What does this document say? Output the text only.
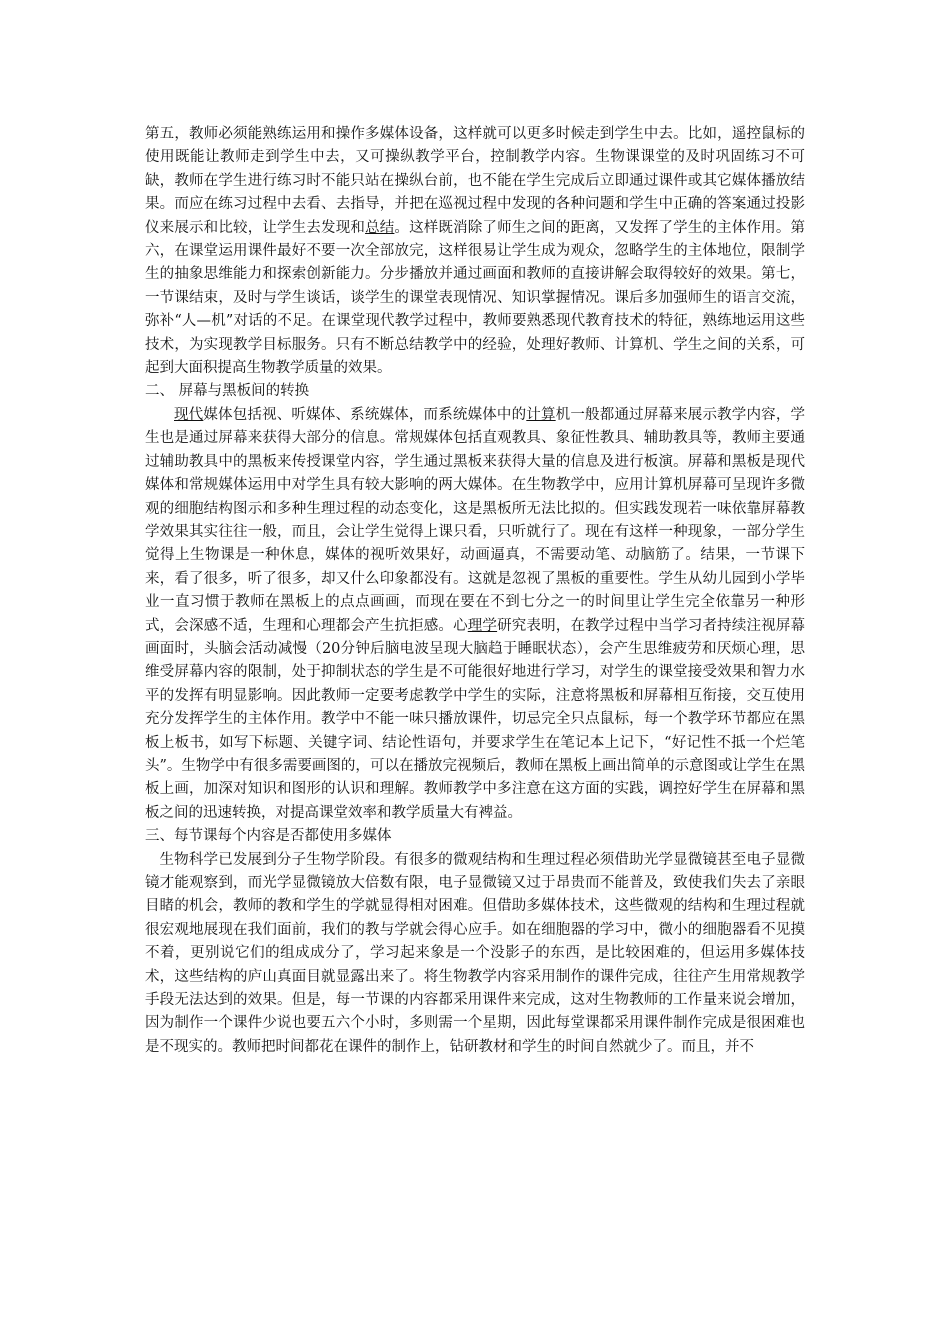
第五，教师必须能熟练运用和操作多媒体设备，这样就可以更多时候走到学生中去。比如，遥控鼠标的使用既能让教师走到学生中去，又可操纵教学平台，控制教学内容。生物课课堂的及时巩固练习不可缺，教师在学生进行练习时不能只站在操纵台前，也不能在学生完成后立即通过课件或其它媒体播放结果。而应在练习过程中去看、去指导，并把在巡视过程中发现的各种问题和学生中正确的答案通过投影仪来展示和比较，让学生去发现和总结。这样既消除了师生之间的距离，又发挥了学生的主体作用。第六，在课堂运用课件最好不要一次全部放完，这样很易让学生成为观众，忽略学生的主体地位，限制学生的抽象思维能力和探索创新能力。分步播放并通过画面和教师的直接讲解会取得较好的效果。第七，一节课结束，及时与学生谈话，谈学生的课堂表现情况、知识掌握情况。课后多加强师生的语言交流，弥补“人—机”对话的不足。在课堂现代教学过程中，教师要熟悉现代教育技术的特征，熟练地运用这些技术，为实现教学目标服务。只有不断总结教学中的经验，处理好教师、计算机、学生之间的关系，可起到大面积提高生物教学质量的效果。

二、 屏幕与黑板间的转换

现代媒体包括视、听媒体、系统媒体，而系统媒体中的计算机一般都通过屏幕来展示教学内容，学生也是通过屏幕来获得大部分的信息。常规媒体包括直观教具、象征性教具、辅助教具等，教师主要通过辅助教具中的黑板来传授课堂内容，学生通过黑板来获得大量的信息及进行板演。屏幕和黑板是现代媒体和常规媒体运用中对学生具有较大影响的两大媒体。在生物教学中，应用计算机屏幕可呈现许多微观的细胞结构图示和多种生理过程的动态变化，这是黑板所无法比拟的。但实践发现若一味依靠屏幕教学效果其实往往一般，而且，会让学生觉得上课只看，只听就行了。现在有这样一种现象，一部分学生觉得上生物课是一种休息，媒体的视听效果好，动画逼真，不需要动笔、动脑筋了。结果，一节课下来，看了很多，听了很多，却又什么印象都没有。这就是忽视了黑板的重要性。学生从幼儿园到小学毕业一直习惯于教师在黑板上的点点画画，而现在要在不到七分之一的时间里让学生完全依靠另一种形式，会深感不适，生理和心理都会产生抗拒感。心理学研究表明，在教学过程中当学习者持续注视屏幕画面时，头脑会活动减慢（20分钟后脑电波呈现大脑趋于睡眠状态），会产生思维疲劳和厌烦心理，思维受屏幕内容的限制，处于抑制状态的学生是不可能很好地进行学习，对学生的课堂接受效果和智力水平的发挥有明显影响。因此教师一定要考虑教学中学生的实际，注意将黑板和屏幕相互衔接，交互使用充分发挥学生的主体作用。教学中不能一味只播放课件，切忌完全只点鼠标，每一个教学环节都应在黑板上板书，如写下标题、关键字词、结论性语句，并要求学生在笔记本上记下，“好记性不抵一个烂笔头”。生物学中有很多需要画图的，可以在播放完视频后，教师在黑板上画出简单的示意图或让学生在黑板上画，加深对知识和图形的认识和理解。教师教学中多注意在这方面的实践，调控好学生在屏幕和黑板之间的迅速转换，对提高课堂效率和教学质量大有裨益。

三、每节课每个内容是否都使用多媒体

生物科学已发展到分子生物学阶段。有很多的微观结构和生理过程必须借助光学显微镜甚至电子显微镜才能观察到，而光学显微镜放大倍数有限，电子显微镜又过于昂贵而不能普及，致使我们失去了亲眼目睹的机会，教师的教和学生的学就显得相对困难。但借助多媒体技术，这些微观的结构和生理过程就很宏观地展现在我们面前，我们的教与学就会得心应手。如在细胞器的学习中，微小的细胞器看不见摸不着，更别说它们的组成成分了，学习起来象是一个没影子的东西，是比较困难的，但运用多媒体技术，这些结构的庐山真面目就显露出来了。将生物教学内容采用制作的课件完成，往往产生用常规教学手段无法达到的效果。但是，每一节课的内容都采用课件来完成，这对生物教师的工作量来说会增加，因为制作一个课件少说也要五六个小时，多则需一个星期，因此每堂课都采用课件制作完成是很困难也是不现实的。教师把时间都花在课件的制作上，钻研教材和学生的时间自然就少了。而且，并不
